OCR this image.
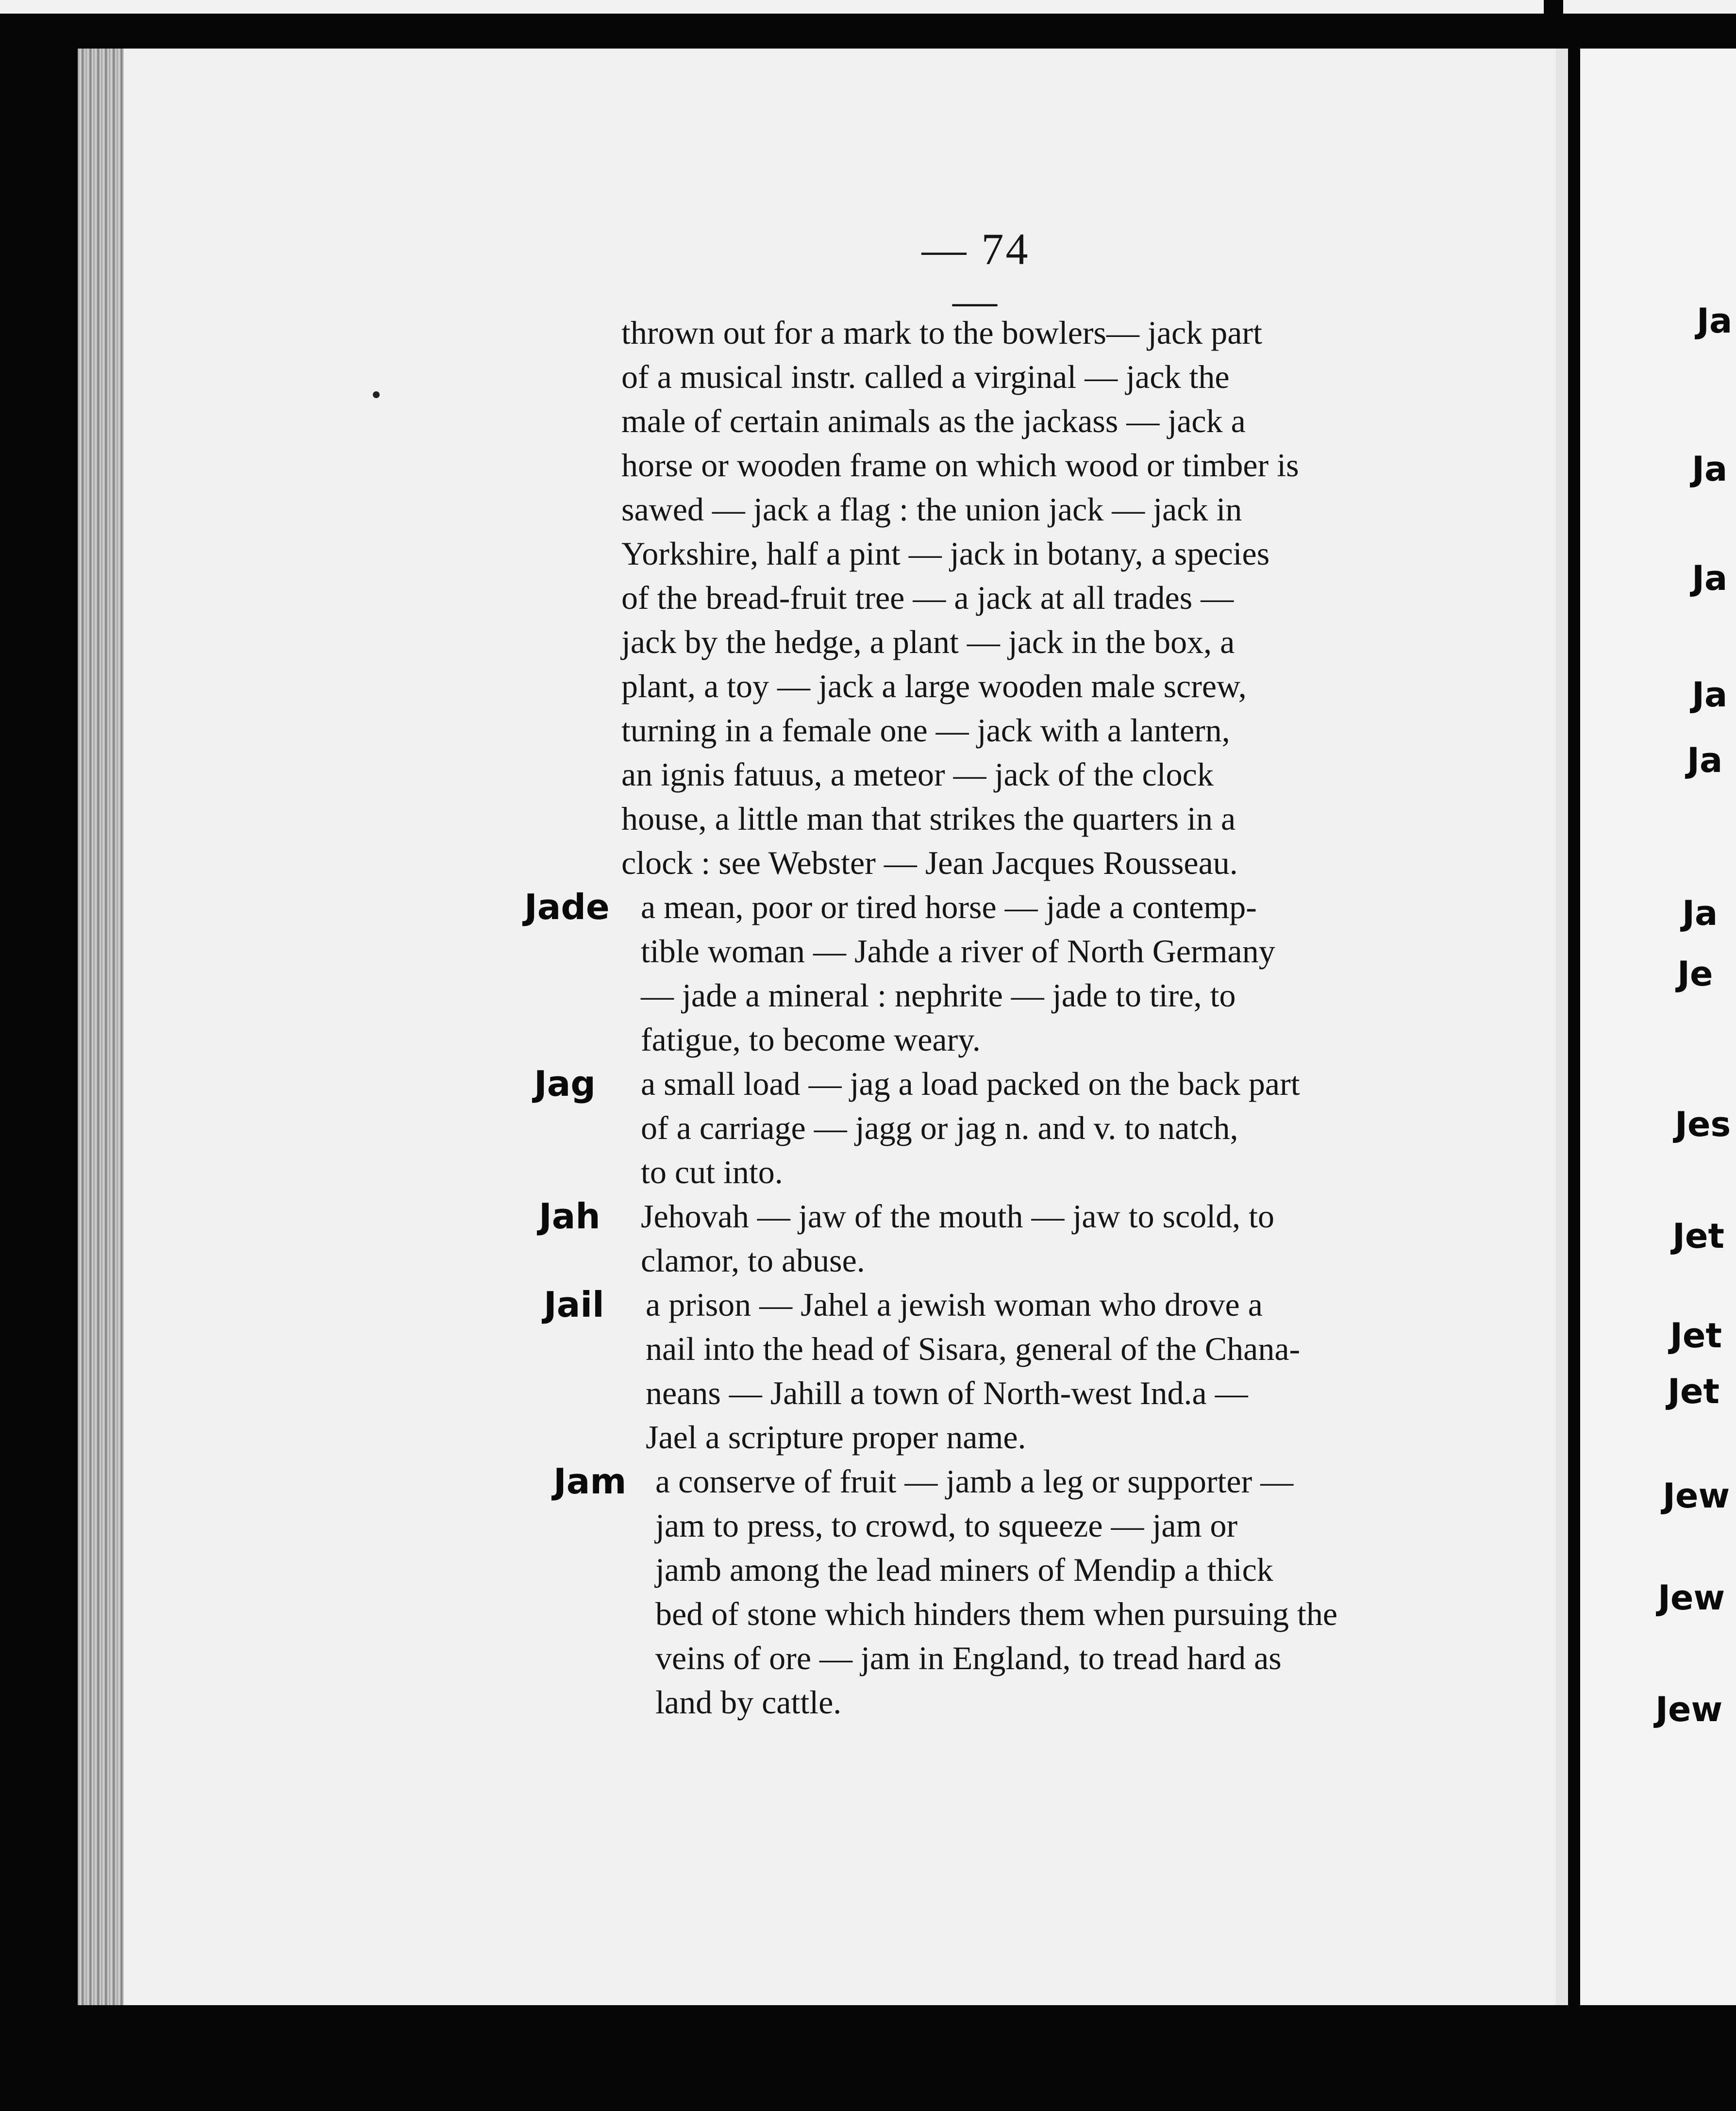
— 74 —
thrown out for a mark to the bowlers— jack part
of a musical instr. called a virginal — jack the
male of certain animals as the jackass — jack a
horse or wooden frame on which wood or timber is
sawed — jack a flag : the union jack — jack in
Yorkshire, half a pint — jack in botany, a species
of the bread-fruit tree — a jack at all trades —
jack by the hedge, a plant — jack in the box, a
plant, a toy — jack a large wooden male screw,
turning in a female one — jack with a lantern,
an ignis fatuus, a meteor — jack of the clock
house, a little man that strikes the quarters in a
clock : see Webster — Jean Jacques Rousseau.
Jade a mean, poor or tired horse — jade a contemp-
tible woman — Jahde a river of North Germany
— jade a mineral : nephrite — jade to tire, to
fatigue, to become weary.
Jag a small load — jag a load packed on the back part
of a carriage — jagg or jag n. and v. to natch,
to cut into.
Jah Jehovah — jaw of the mouth — jaw to scold, to
clamor, to abuse.
Jail a prison — Jahel a jewish woman who drove a
nail into the head of Sisara, general of the Chana-
neans — Jahill a town of North-west Ind.a —
Jael a scripture proper name.
Jam a conserve of fruit — jamb a leg or supporter —
jam to press, to crowd, to squeeze — jam or
jamb among the lead miners of Mendip a thick
bed of stone which hinders them when pursuing the
veins of ore — jam in England, to tread hard as
land by cattle.
Ja
Ja
Ja
Ja
Ja
Ja
Je
Jes
Jet
Jet
Jet
Jew
Jew
Jew
